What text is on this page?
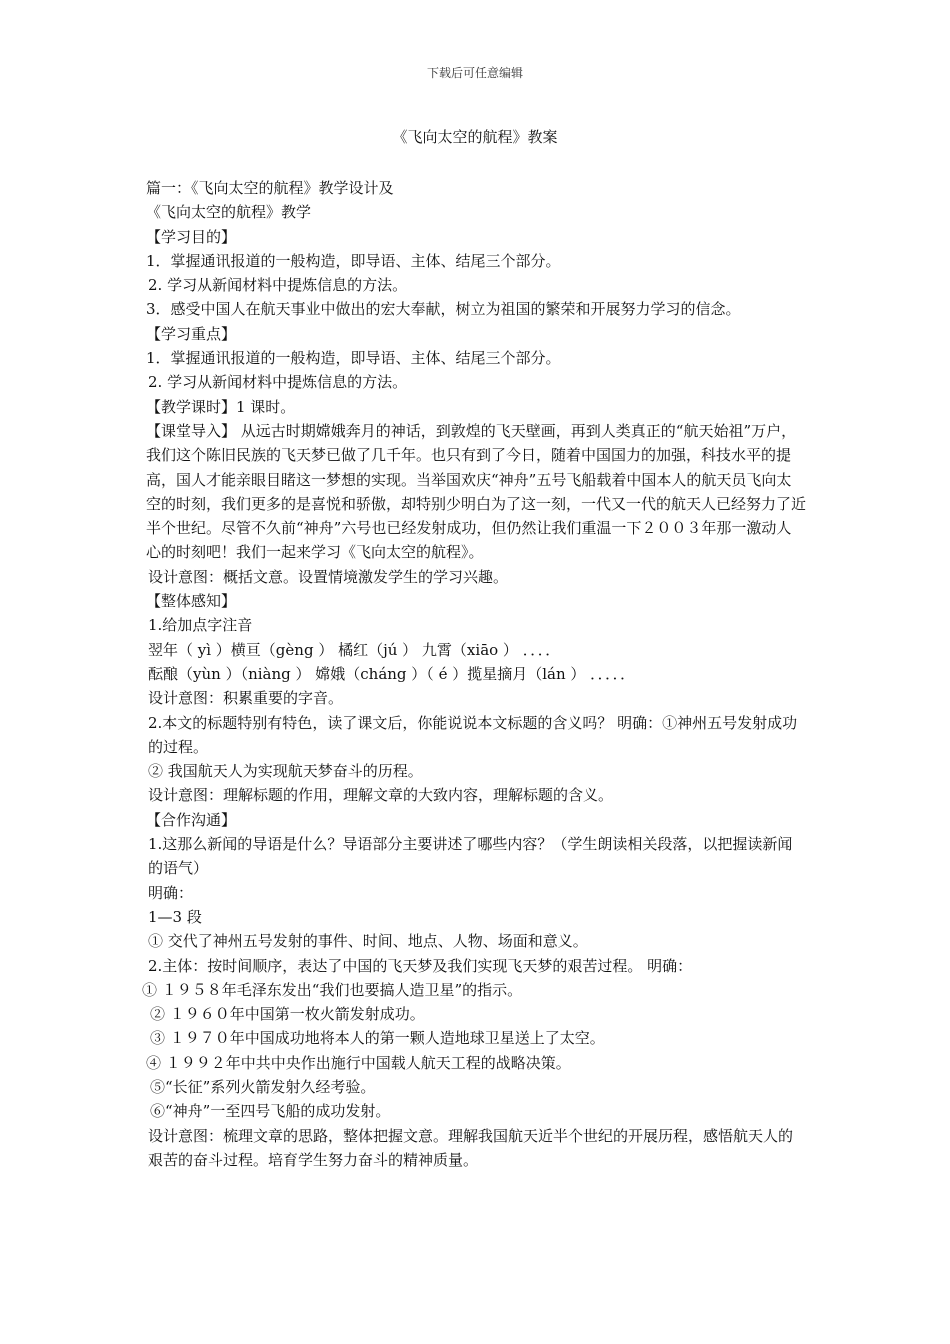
下载后可任意编辑
《飞向太空的航程》教案

篇一：《飞向太空的航程》教学设计及

《飞向太空的航程》教学

【学习目的】

1．掌握通讯报道的一般构造，即导语、主体、结尾三个部分。

2. 学习从新闻材料中提炼信息的方法。

3．感受中国人在航天事业中做出的宏大奉献，树立为祖国的繁荣和开展努力学习的信念。

【学习重点】

1．掌握通讯报道的一般构造，即导语、主体、结尾三个部分。

2. 学习从新闻材料中提炼信息的方法。

【教学课时】1 课时。

【课堂导入】 从远古时期嫦娥奔月的神话，到敦煌的飞天壁画，再到人类真正的“航天始祖”万户，我们这个陈旧民族的飞天梦已做了几千年。也只有到了今日，随着中国国力的加强，科技水平的提高，国人才能亲眼目睹这一梦想的实现。当举国欢庆“神舟”五号飞船载着中国本人的航天员飞向太空的时刻，我们更多的是喜悦和骄傲，却特别少明白为了这一刻，一代又一代的航天人已经努力了近半个世纪。尽管不久前“神舟”六号也已经发射成功，但仍然让我们重温一下２００３年那一激动人心的时刻吧！我们一起来学习《飞向太空的航程》。

设计意图：概括文意。设置情境激发学生的学习兴趣。

【整体感知】

1.给加点字注音

翌年（ yì ）横亘（gèng ） 橘红（jú ） 九霄（xiāo ） ．．．．

酝酿（yùn ）（niàng ） 嫦娥（cháng ）（ é ）揽星摘月（lán ） ．．．．．

设计意图：积累重要的字音。

2.本文的标题特别有特色，读了课文后，你能说说本文标题的含义吗？ 明确：①神州五号发射成功的过程。

② 我国航天人为实现航天梦奋斗的历程。

设计意图：理解标题的作用，理解文章的大致内容，理解标题的含义。

【合作沟通】

1.这那么新闻的导语是什么？导语部分主要讲述了哪些内容？（学生朗读相关段落，以把握读新闻的语气）

明确：

1—3 段

① 交代了神州五号发射的事件、时间、地点、人物、场面和意义。

2.主体：按时间顺序，表达了中国的飞天梦及我们实现飞天梦的艰苦过程。 明确：

① １９５８年毛泽东发出“我们也要搞人造卫星”的指示。

② １９６０年中国第一枚火箭发射成功。

③ １９７０年中国成功地将本人的第一颗人造地球卫星送上了太空。

④ １９９２年中共中央作出施行中国载人航天工程的战略决策。

⑤“长征”系列火箭发射久经考验。

⑥“神舟”一至四号飞船的成功发射。

设计意图：梳理文章的思路，整体把握文意。理解我国航天近半个世纪的开展历程，感悟航天人的艰苦的奋斗过程。培育学生努力奋斗的精神质量。
